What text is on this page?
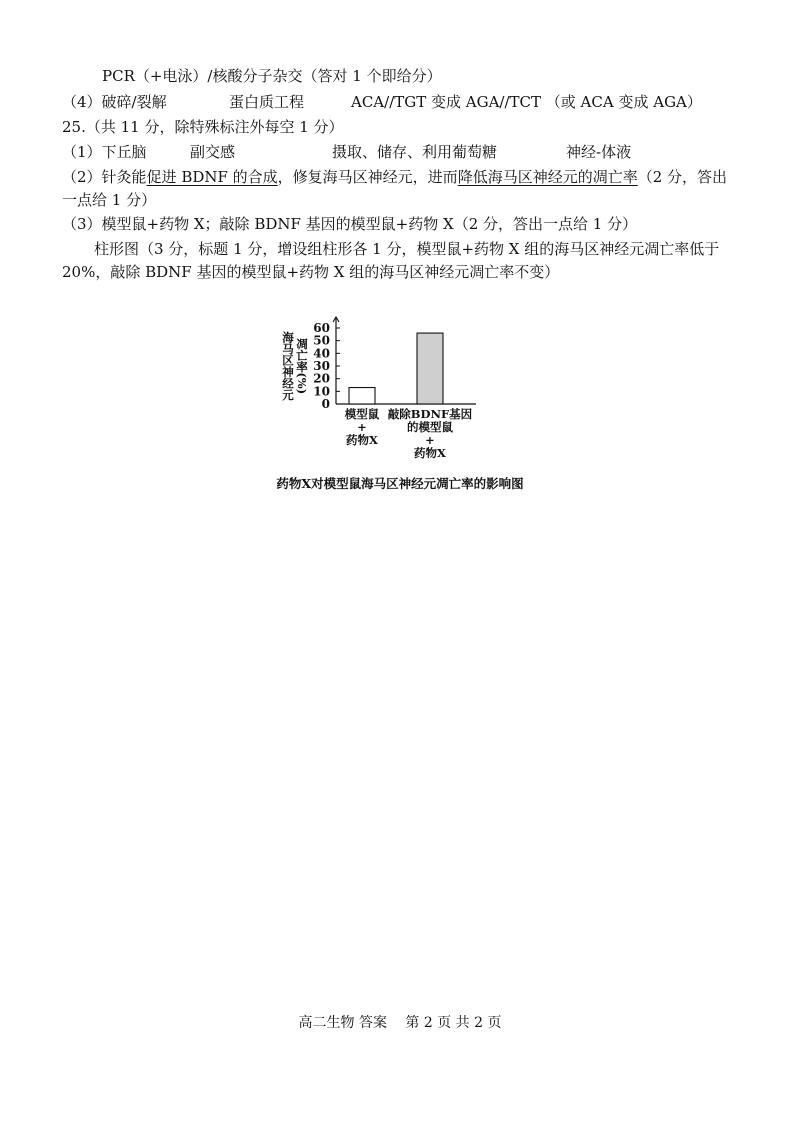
PCR（+电泳）/核酸分子杂交（答对 1 个即给分）
（4）破碎/裂解	蛋白质工程	ACA//TGT 变成 AGA//TCT （或 ACA 变成 AGA）
25.（共 11 分，除特殊标注外每空 1 分）
（1）下丘脑	副交感	摄取、储存、利用葡萄糖	神经-体液
（2）针灸能促进 BDNF 的合成，修复海马区神经元，进而降低海马区神经元的凋亡率（2 分，答出
一点给 1 分）
（3）模型鼠+药物 X；敲除 BDNF 基因的模型鼠+药物 X（2 分，答出一点给 1 分）
柱形图（3 分，标题 1 分，增设组柱形各 1 分，模型鼠+药物 X 组的海马区神经元凋亡率低于
20%，敲除 BDNF 基因的模型鼠+药物 X 组的海马区神经元凋亡率不变）
海马区神经元 凋亡率(%)
0
10
20
30
40
50
60
模型鼠
+
药物X
敲除BDNF基因
的模型鼠
+
药物X
药物X对模型鼠海马区神经元凋亡率的影响图
高二生物 答案　 第 2 页 共 2 页
